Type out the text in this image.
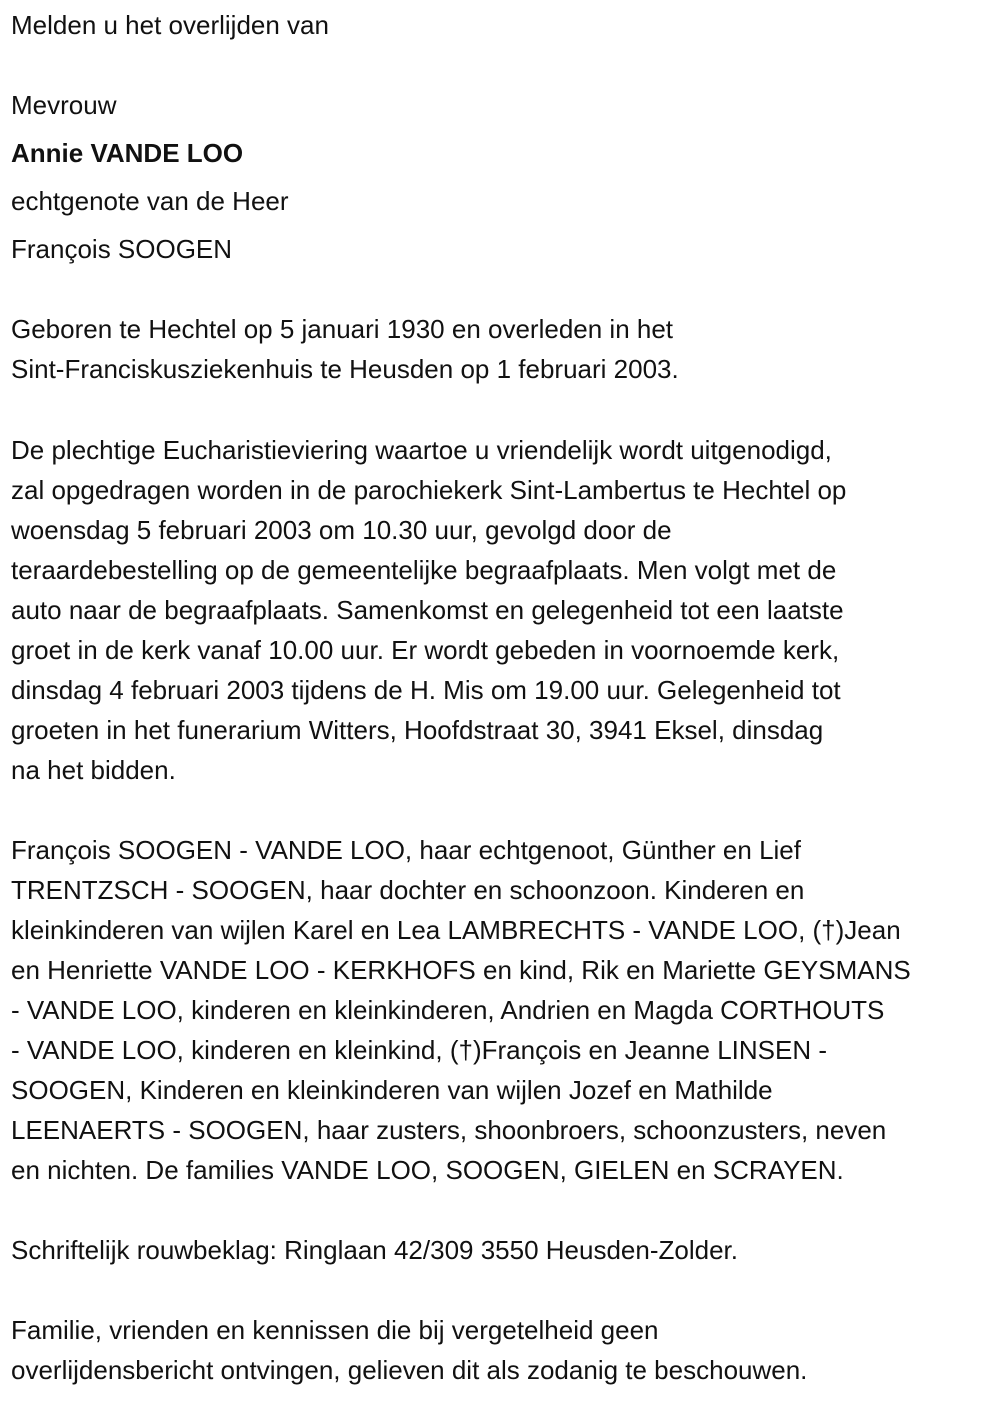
Melden u het overlijden van
Mevrouw
Annie VANDE LOO
echtgenote van de Heer
François SOOGEN
Geboren te Hechtel op 5 januari 1930 en overleden in het
Sint-Franciskusziekenhuis te Heusden op 1 februari 2003.
De plechtige Eucharistieviering waartoe u vriendelijk wordt uitgenodigd,
zal opgedragen worden in de parochiekerk Sint-Lambertus te Hechtel op
woensdag 5 februari 2003 om 10.30 uur, gevolgd door de
teraardebestelling op de gemeentelijke begraafplaats. Men volgt met de
auto naar de begraafplaats. Samenkomst en gelegenheid tot een laatste
groet in de kerk vanaf 10.00 uur. Er wordt gebeden in voornoemde kerk,
dinsdag 4 februari 2003 tijdens de H. Mis om 19.00 uur. Gelegenheid tot
groeten in het funerarium Witters, Hoofdstraat 30, 3941 Eksel, dinsdag
na het bidden.
François SOOGEN - VANDE LOO, haar echtgenoot, Günther en Lief
TRENTZSCH - SOOGEN, haar dochter en schoonzoon. Kinderen en
kleinkinderen van wijlen Karel en Lea LAMBRECHTS - VANDE LOO, (†)Jean
en Henriette VANDE LOO - KERKHOFS en kind, Rik en Mariette GEYSMANS
- VANDE LOO, kinderen en kleinkinderen, Andrien en Magda CORTHOUTS
- VANDE LOO, kinderen en kleinkind, (†)François en Jeanne LINSEN -
SOOGEN, Kinderen en kleinkinderen van wijlen Jozef en Mathilde
LEENAERTS - SOOGEN, haar zusters, shoonbroers, schoonzusters, neven
en nichten. De families VANDE LOO, SOOGEN, GIELEN en SCRAYEN.
Schriftelijk rouwbeklag: Ringlaan 42/309 3550 Heusden-Zolder.
Familie, vrienden en kennissen die bij vergetelheid geen
overlijdensbericht ontvingen, gelieven dit als zodanig te beschouwen.
